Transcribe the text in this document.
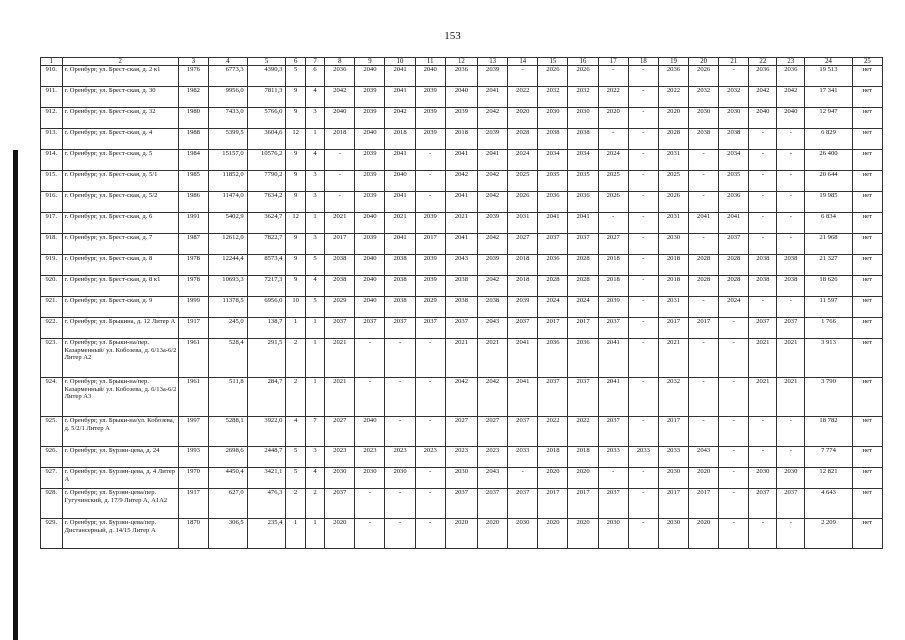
153
1	2	3	4	5	6	7	8	9	10	11	12	13	14	15	16	17	18	19	20	21	22	23	24	25
910.	г. Оренбург, ул. Брест-ская, д. 2 к1	1976	6773,3	4390,3	5	6	2036	2040	2041	2040	2036	2039	-	2026	2026	-	-	2036	2026	-	2036	2036	19 513	нет
911.	г. Оренбург, ул. Брест-ская, д. 30	1982	9956,0	7811,3	9	4	2042	2039	2041	2039	2040	2041	2022	2032	2032	2022	-	2022	2032	2032	2042	2042	17 341	нет
912.	г. Оренбург, ул. Брест-ская, д. 32	1980	7433,0	5766,0	9	3	2040	2039	2042	2039	2039	2042	2020	2030	2030	2020	-	2020	2030	2030	2040	2040	12 947	нет
913.	г. Оренбург, ул. Брест-ская, д. 4	1988	5399,5	3604,6	12	1	2018	2040	2018	2039	2018	2039	2028	2038	2038	-	-	2028	2038	2038	-	-	6 829	нет
914.	г. Оренбург, ул. Брест-ская, д. 5	1984	15157,0	10576,2	9	4	-	2039	2041	-	2041	2041	2024	2034	2034	2024	-	2031	-	2034	-	-	26 400	нет
915.	г. Оренбург, ул. Брест-ская, д. 5/1	1985	11852,0	7790,2	9	3	-	2039	2040	-	2042	2042	2025	2035	2035	2025	-	2025	-	2035	-	-	20 644	нет
916.	г. Оренбург, ул. Брест-ская, д. 5/2	1986	11474,0	7634,2	9	3	-	2039	2041	-	2041	2042	2026	2036	2036	2026	-	2026	-	2036	-	-	19 985	нет
917.	г. Оренбург, ул. Брест-ская, д. 6	1991	5402,9	3624,7	12	1	2021	2040	2021	2039	2021	2039	2031	2041	2041	-	-	2031	2041	2041	-	-	6 834	нет
918.	г. Оренбург, ул. Брест-ская, д. 7	1987	12612,0	7822,7	9	3	2017	2039	2041	2017	2041	2042	2027	2037	2037	2027	-	2030	-	2037	-	-	21 968	нет
919.	г. Оренбург, ул. Брест-ская, д. 8	1978	12244,4	8573,4	9	5	2038	2040	2038	2039	2043	2039	2018	2036	2028	2018	-	2018	2028	2028	2038	2038	21 327	нет
920.	г. Оренбург, ул. Брест-ская, д. 8 к1	1978	10693,3	7217,3	9	4	2038	2040	2038	2039	2038	2042	2018	2028	2028	2018	-	2018	2028	2028	2038	2038	18 626	нет
921.	г. Оренбург, ул. Брест-ская, д. 9	1999	11378,5	6956,0	10	5	2029	2040	2038	2029	2038	2038	2039	2024	2024	2039	-	2031	-	2024	-	-	11 597	нет
922.	г. Оренбург, ул. Брыкина, д. 12 Литер А	1917	245,0	138,7	1	1	2037	2037	2037	2037	2037	2043	2037	2017	2017	2037	-	2017	2017	-	2037	2037	1 766	нет
923.	г. Оренбург, ул. Брыки-на/пер. Казарменный/ ул. Кобозева, д. 6/13а-6/2 Литер А2	1961	528,4	291,5	2	1	2021	-	-	-	2021	2021	2041	2036	2036	2041	-	2021	-	-	2021	2021	3 913	нет
924.	г. Оренбург, ул. Брыки-на/пер. Казарменный/ ул. Кобозева, д. 6/13а-6/2 Литер А3	1961	511,8	284,7	2	1	2021	-	-	-	2042	2042	2041	2037	2037	2041	-	2032	-	-	2021	2021	3 790	нет
925.	г. Оренбург, ул. Брыки-на/ул. Кобозева, д. 5/2/1 Литер А	1997	5288,1	3922,0	4	7	2027	2040	-	-	2027	2027	2037	2022	2022	2037	-	2017	-	-	-	-	18 782	нет
926.	г. Оренбург, ул. Бурзян-цева, д. 24	1993	2698,6	2448,7	5	3	2023	2023	2023	2023	2023	2023	2033	2018	2018	2033	2033	2033	2043	-	-	-	7 774	нет
927.	г. Оренбург, ул. Бурзян-цева, д. 4 Литер А	1970	4450,4	3421,1	5	4	2030	2030	2030	-	2030	2043	-	2020	2020	-	-	2030	2020	-	2030	2030	12 821	нет
928.	г. Оренбург, ул. Бурзян-цева/пер. Гугучинский, д. 17/9 Литер А, А1А2	1917	627,0	476,3	2	2	2037	-	-	-	2037	2037	2037	2017	2017	2037	-	2017	2017	-	2037	2037	4 643	нет
929.	г. Оренбург, ул. Бурзян-цева/пер. Дистансерный, д. 14/15 Литер А	1870	306,5	235,4	1	1	2020	-	-	-	2020	2020	2030	2020	2020	2030	-	2030	2020	-	-	-	2 209	нет
